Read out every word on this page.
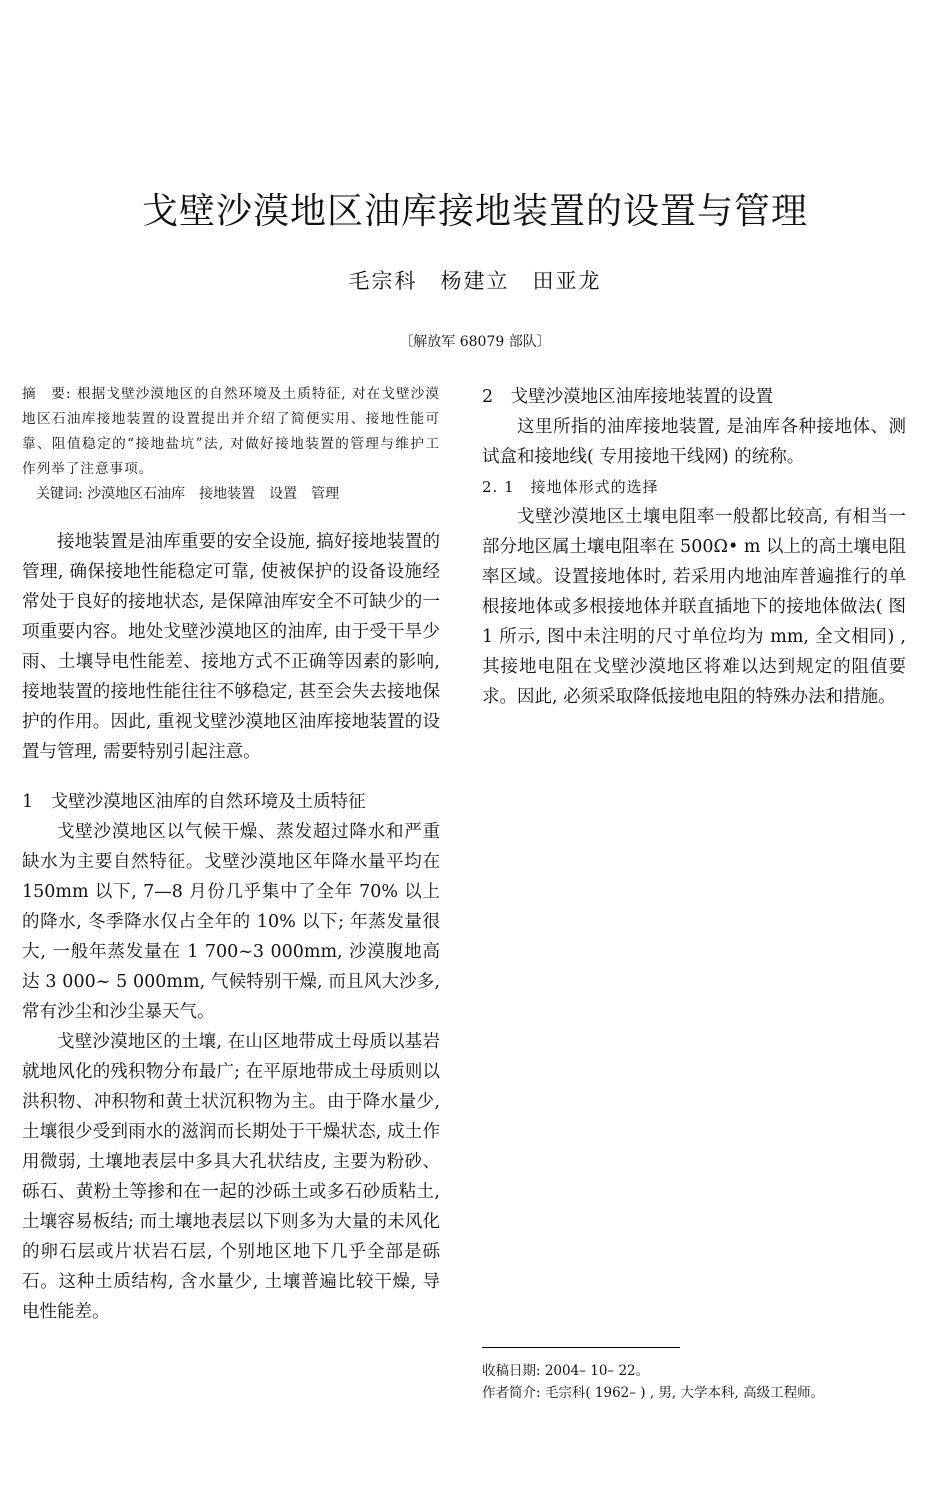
戈壁沙漠地区油库接地装置的设置与管理
毛宗科　杨建立　田亚龙
〔解放军 68079 部队〕

摘　要: 根据戈壁沙漠地区的自然环境及土质特征, 对在戈壁沙漠地区石油库接地装置的设置提出并介绍了简便实用、接地性能可靠、阻值稳定的“接地盐坑”法, 对做好接地装置的管理与维护工作列举了注意事项。

关键词: 沙漠地区石油库　接地装置　设置　管理

接地装置是油库重要的安全设施, 搞好接地装置的管理, 确保接地性能稳定可靠, 使被保护的设备设施经常处于良好的接地状态, 是保障油库安全不可缺少的一项重要内容。地处戈壁沙漠地区的油库, 由于受干旱少雨、土壤导电性能差、接地方式不正确等因素的影响, 接地装置的接地性能往往不够稳定, 甚至会失去接地保护的作用。因此, 重视戈壁沙漠地区油库接地装置的设置与管理, 需要特别引起注意。

1　戈壁沙漠地区油库的自然环境及土质特征

戈壁沙漠地区以气候干燥、蒸发超过降水和严重缺水为主要自然特征。戈壁沙漠地区年降水量平均在 150mm 以下, 7—8 月份几乎集中了全年 70% 以上的降水, 冬季降水仅占全年的 10% 以下; 年蒸发量很大, 一般年蒸发量在 1 700~3 000mm, 沙漠腹地高达 3 000~ 5 000mm, 气候特别干燥, 而且风大沙多, 常有沙尘和沙尘暴天气。

戈壁沙漠地区的土壤, 在山区地带成土母质以基岩就地风化的残积物分布最广; 在平原地带成土母质则以洪积物、冲积物和黄土状沉积物为主。由于降水量少, 土壤很少受到雨水的滋润而长期处于干燥状态, 成土作用微弱, 土壤地表层中多具大孔状结皮, 主要为粉砂、砾石、黄粉土等掺和在一起的沙砾土或多石砂质粘土, 土壤容易板结; 而土壤地表层以下则多为大量的未风化的卵石层或片状岩石层, 个别地区地下几乎全部是砾石。这种土质结构, 含水量少, 土壤普遍比较干燥, 导电性能差。

2　戈壁沙漠地区油库接地装置的设置

这里所指的油库接地装置, 是油库各种接地体、测试盒和接地线( 专用接地干线网) 的统称。

2. 1　接地体形式的选择

戈壁沙漠地区土壤电阻率一般都比较高, 有相当一部分地区属土壤电阻率在 500Ω• m 以上的高土壤电阻率区域。设置接地体时, 若采用内地油库普遍推行的单根接地体或多根接地体并联直插地下的接地体做法( 图 1 所示, 图中未注明的尺寸单位均为 mm, 全文相同) , 其接地电阻在戈壁沙漠地区将难以达到规定的阻值要求。因此, 必须采取降低接地电阻的特殊办法和措施。

收稿日期: 2004– 10– 22。

作者简介: 毛宗科( 1962– ) , 男, 大学本科, 高级工程师。
